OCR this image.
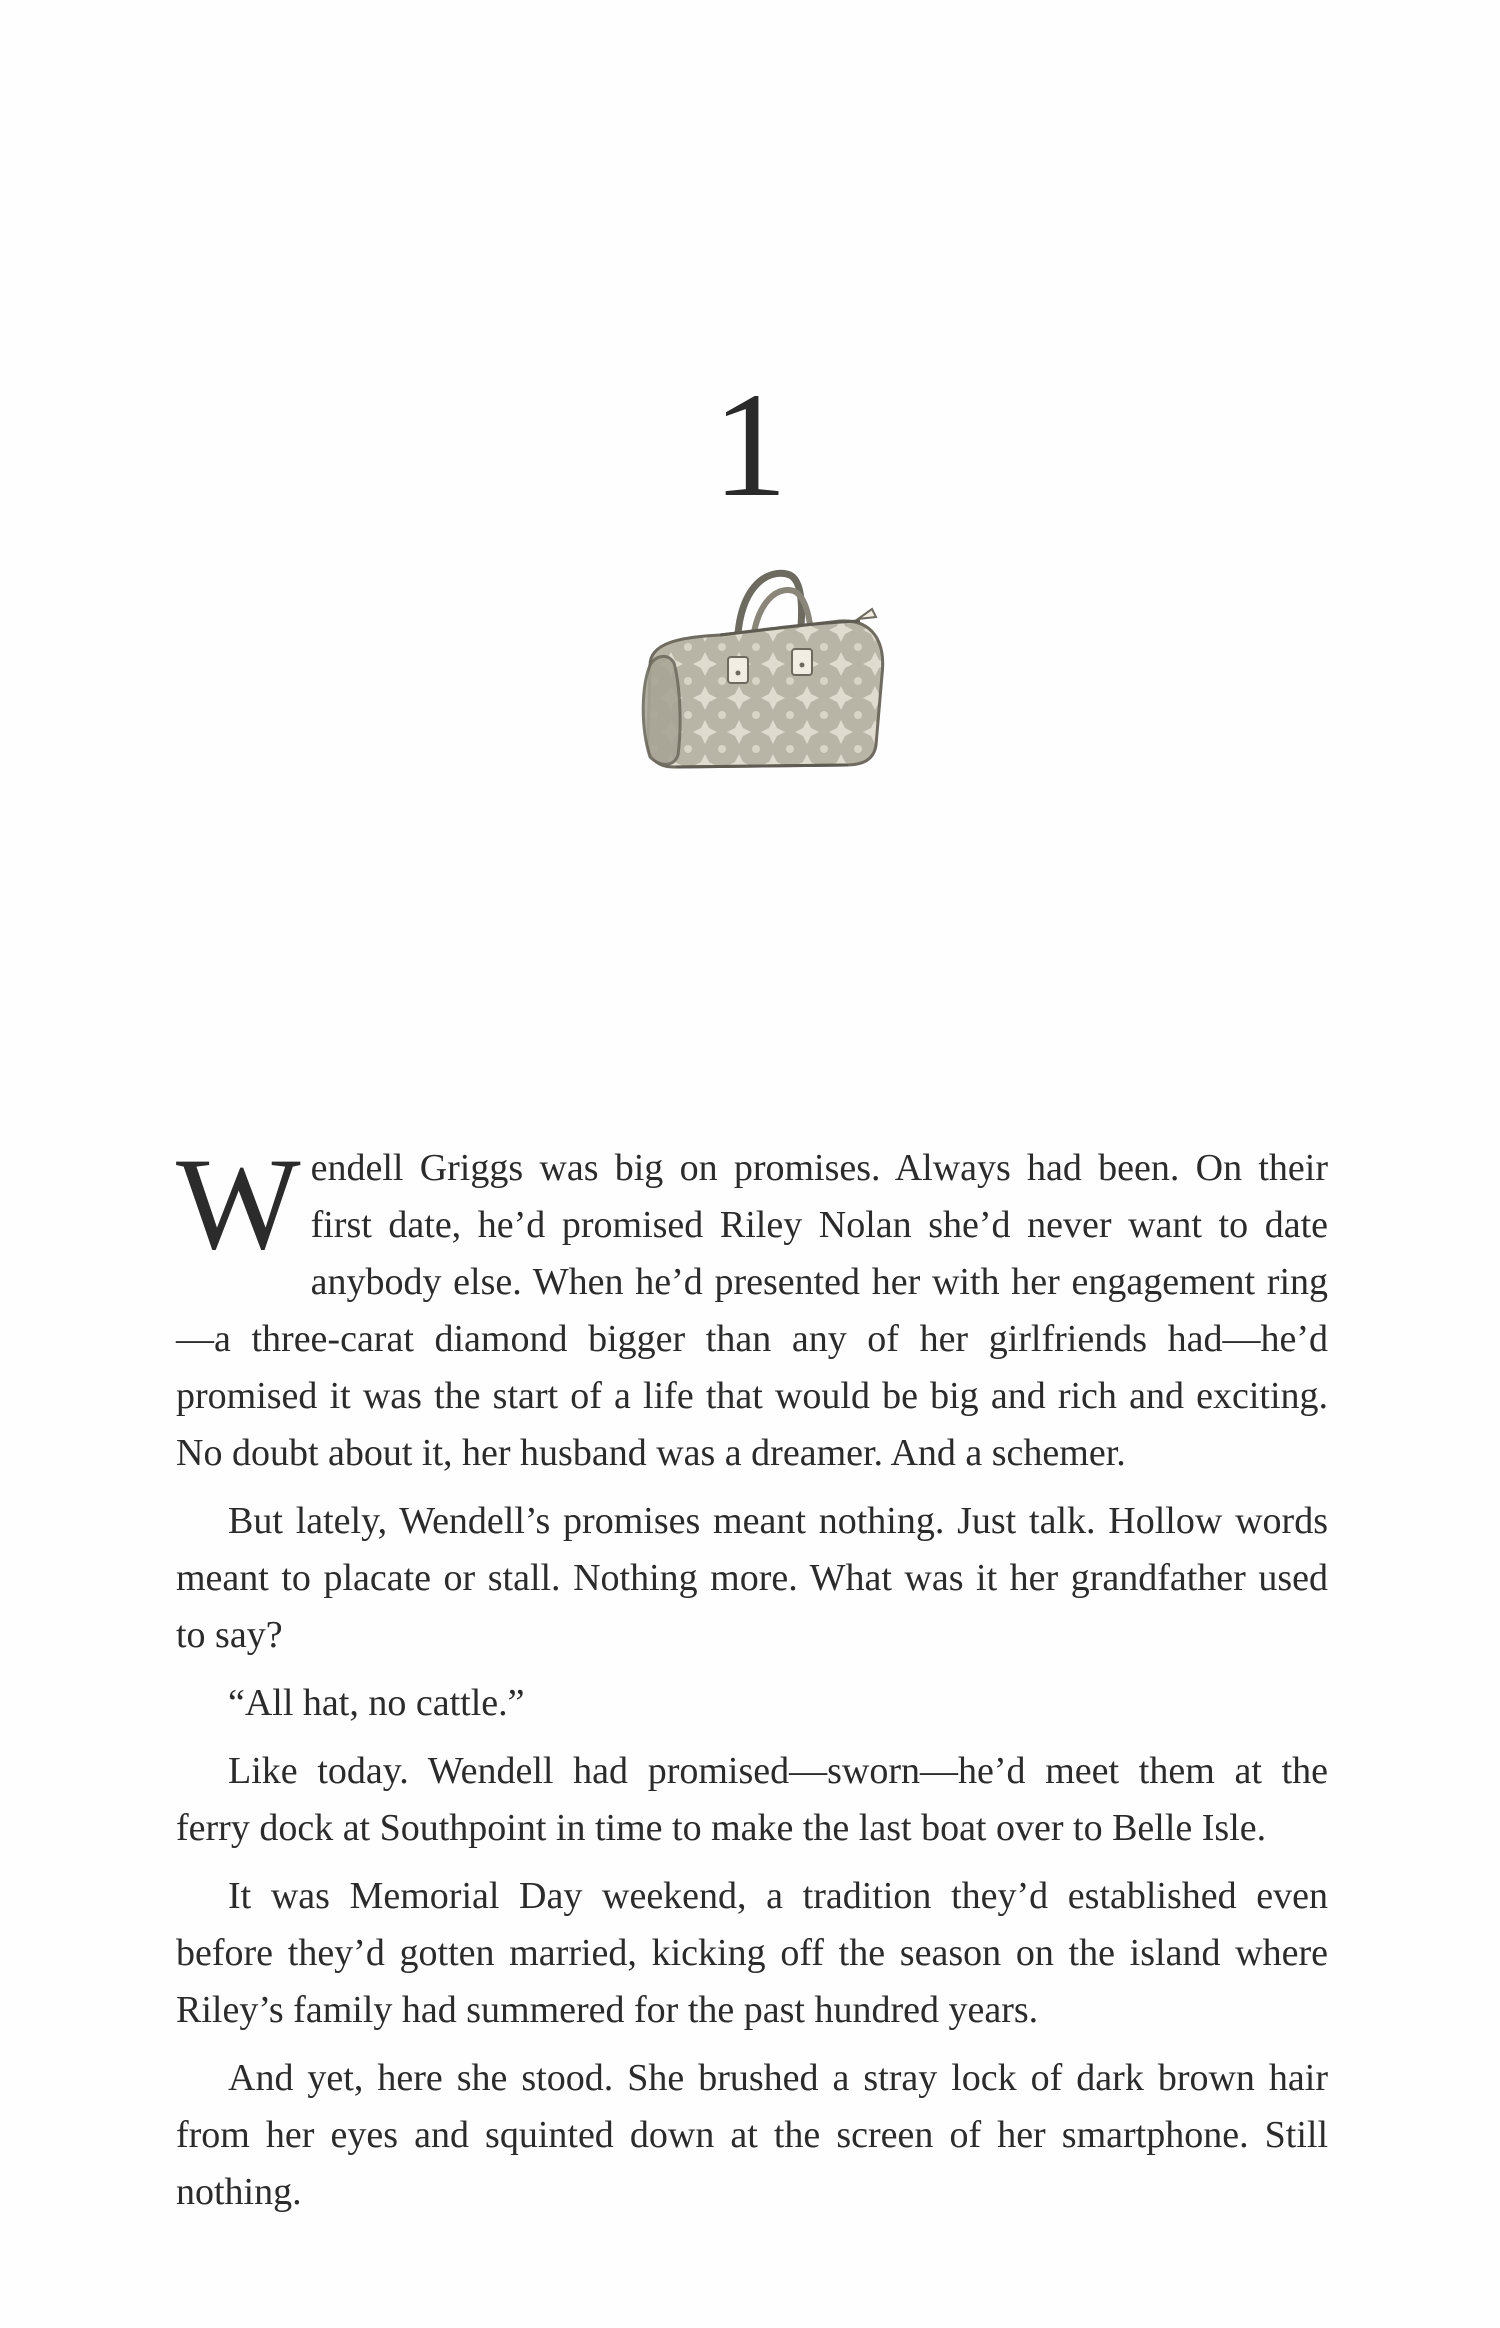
1

Wendell Griggs was big on promises. Always had been. On their first date, he’d promised Riley Nolan she’d never want to date anybody else. When he’d presented her with her engagement ring—a three-carat diamond bigger than any of her girlfriends had—he’d promised it was the start of a life that would be big and rich and exciting. No doubt about it, her husband was a dreamer. And a schemer.

But lately, Wendell’s promises meant nothing. Just talk. Hollow words meant to placate or stall. Nothing more. What was it her grandfather used to say?

“All hat, no cattle.”

Like today. Wendell had promised—sworn—he’d meet them at the ferry dock at Southpoint in time to make the last boat over to Belle Isle.

It was Memorial Day weekend, a tradition they’d established even before they’d gotten married, kicking off the season on the island where Riley’s family had summered for the past hundred years.

And yet, here she stood. She brushed a stray lock of dark brown hair from her eyes and squinted down at the screen of her smartphone. Still nothing.
